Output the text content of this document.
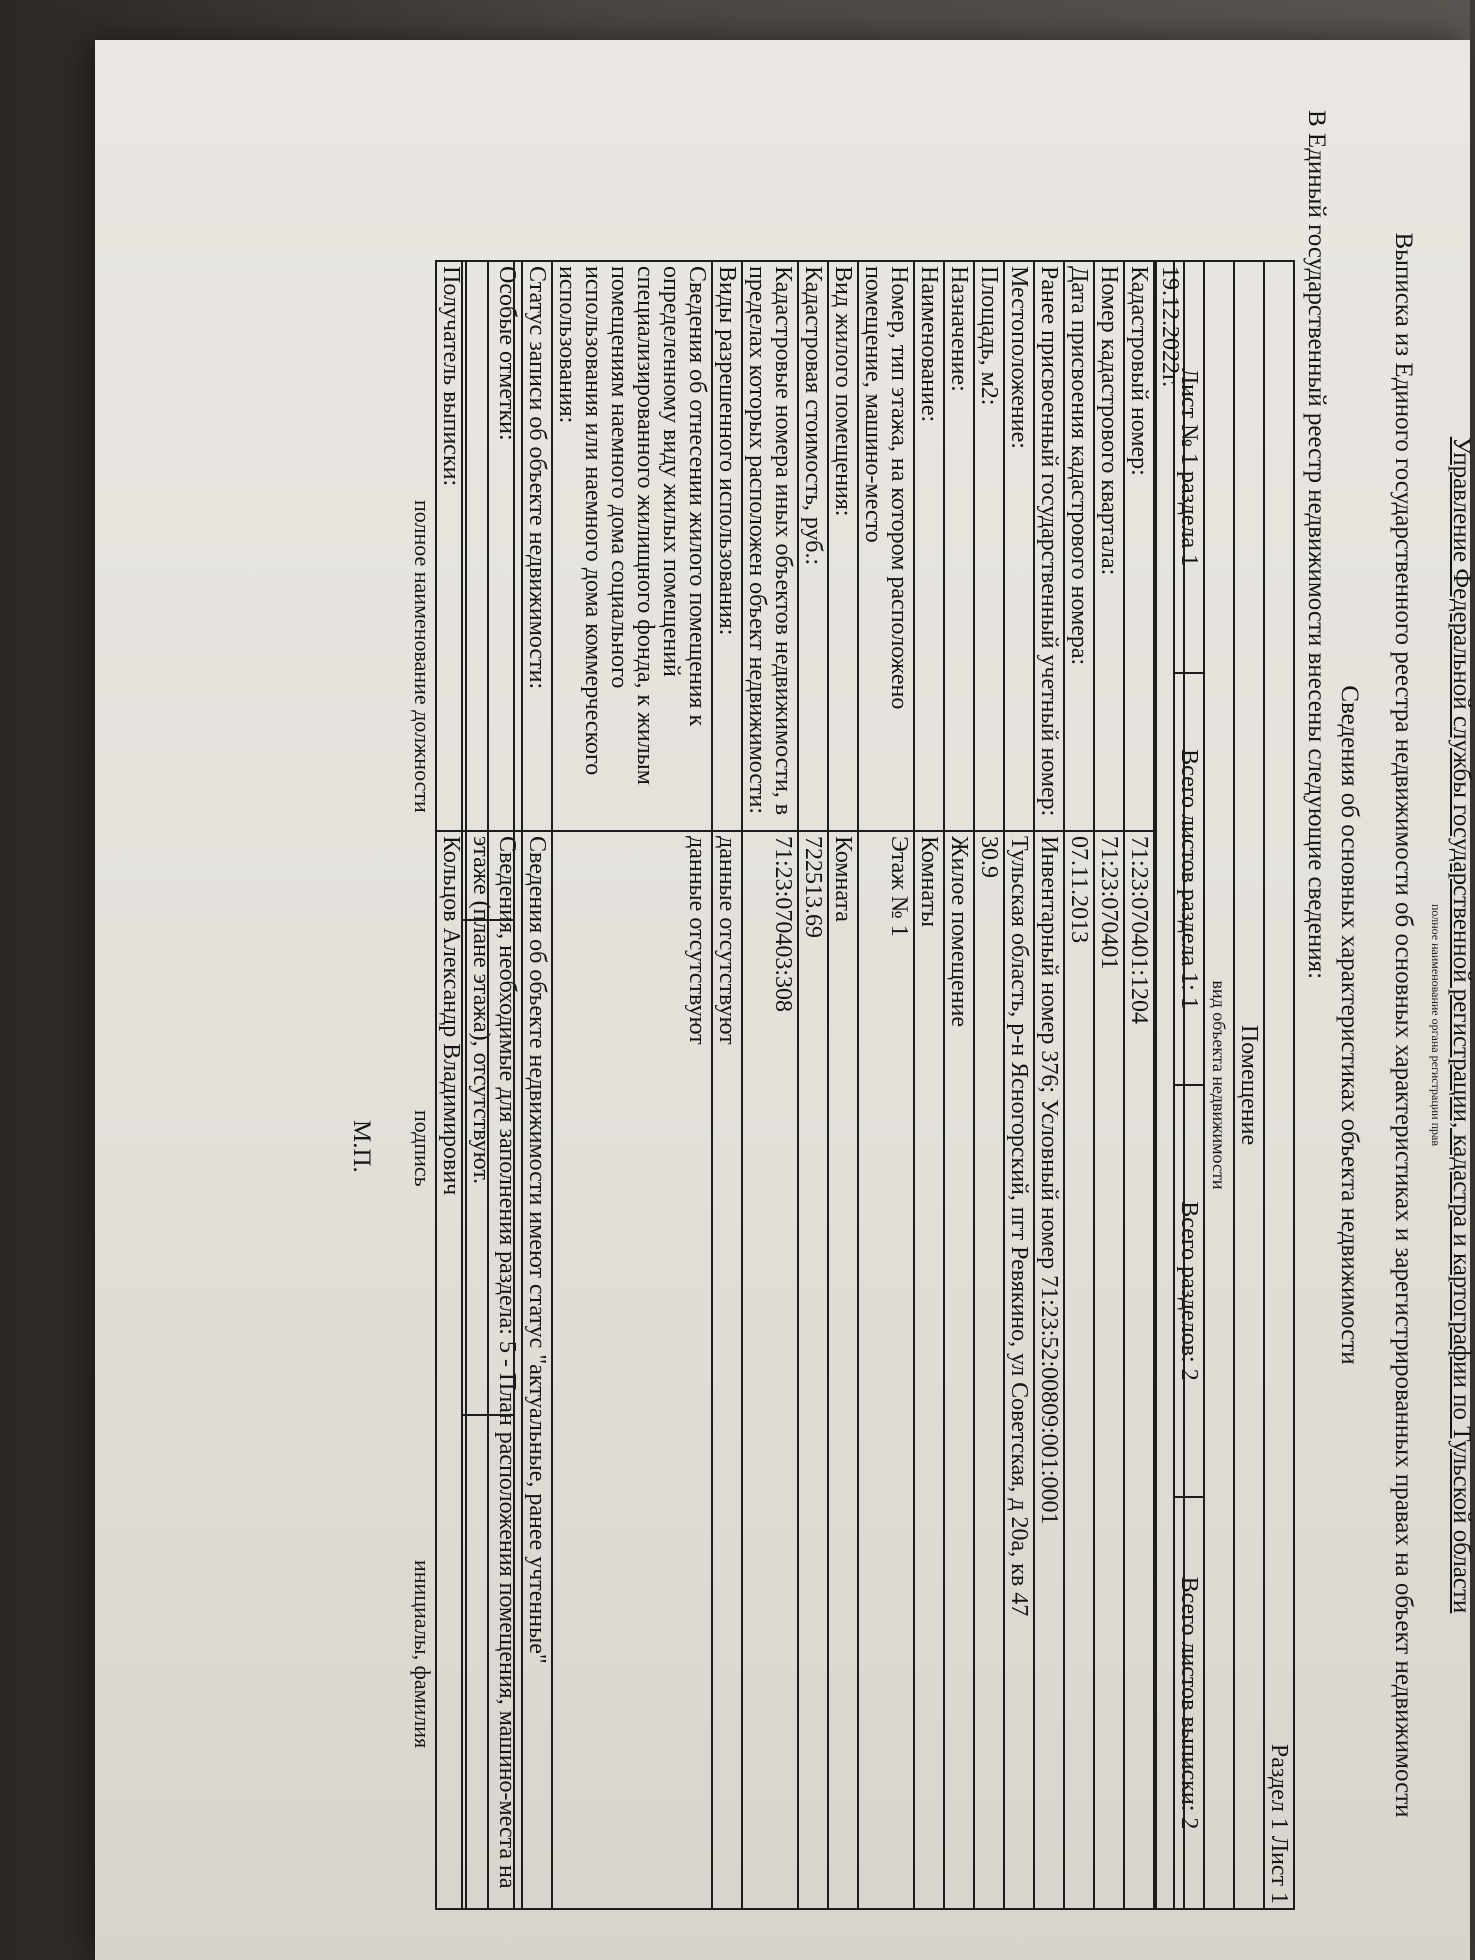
Управление Федеральной службы государственной регистрации, кадастра и картографии по Тульской области
полное наименование органа регистрации прав
Выписка из Единого государственного реестра недвижимости об основных характеристиках и зарегистрированных правах на объект недвижимости
Сведения об основных характеристиках объекта недвижимости
В Единый государственный реестр недвижимости внесены следующие сведения:
Раздел 1 Лист 1
Помещение
вид объекта недвижимости
Лист № 1 раздела 1	Всего листов раздела 1: 1	Всего разделов: 2	Всего листов выписки: 2
19.12.2022г.
Кадастровый номер:	71:23:070401:1204
Номер кадастрового квартала:	71:23:070401
Дата присвоения кадастрового номера:	07.11.2013
Ранее присвоенный государственный учетный номер:	Инвентарный номер 376; Условный номер 71:23:52:00809:001:0001
Местоположение:	Тульская область, р-н Ясногорский, пгт Ревякино, ул Советская, д 20а, кв 47
Площадь, м2:	30.9
Назначение:	Жилое помещение
Наименование:	Комнаты
Номер, тип этажа, на котором расположено помещение, машино-место	Этаж № 1
Вид жилого помещения:	Комната
Кадастровая стоимость, руб.:	722513.69
Кадастровые номера иных объектов недвижимости, в пределах которых расположен объект недвижимости:	71:23:070403:308
Виды разрешенного использования:	данные отсутствуют
Сведения об отнесении жилого помещения к определенному виду жилых помещений специализированного жилищного фонда, к жилым помещениям наемного дома социального использования или наемного дома коммерческого использования:	данные отсутствуют
Статус записи об объекте недвижимости:	Сведения об объекте недвижимости имеют статус "актуальные, ранее учтенные"
Особые отметки:	Сведения, необходимые для заполнения раздела: 5 - План расположения помещения, машино-места на этаже (плане этажа), отсутствуют.
Получатель выписки:	Кольцов Александр Владимирович

полное наименование должности
подпись
инициалы, фамилия
М.П.
